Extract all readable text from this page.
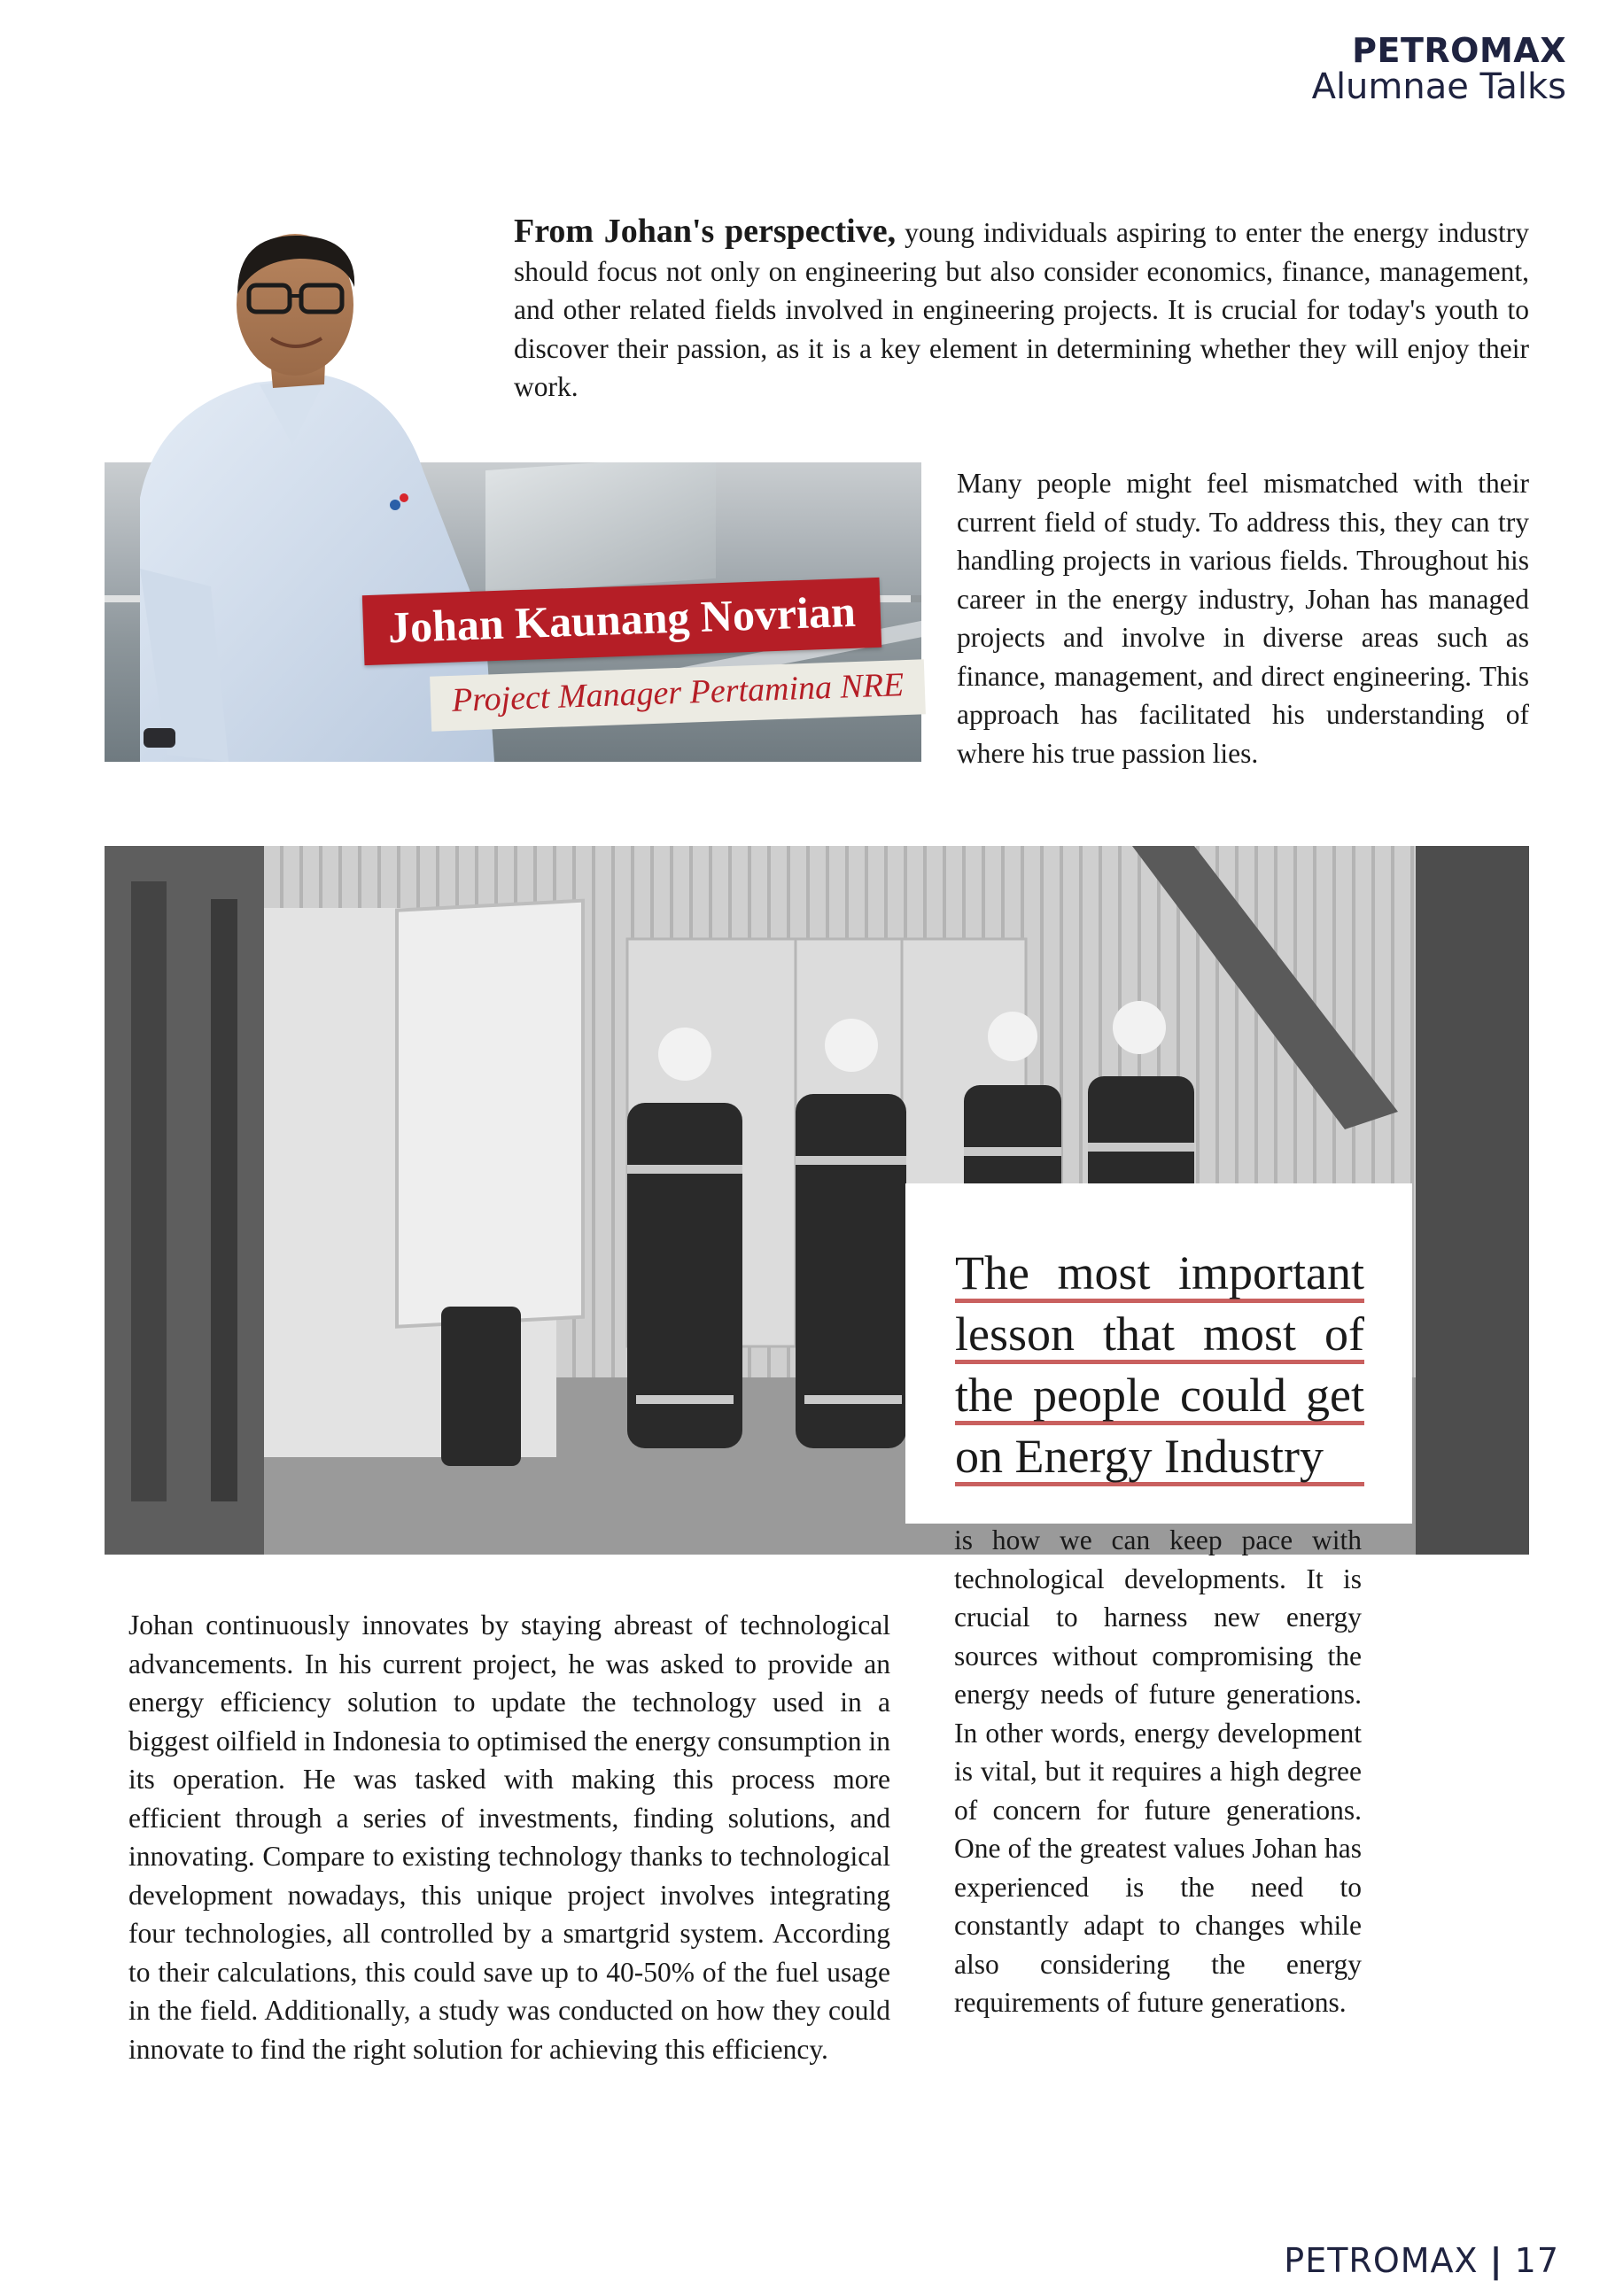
PETROMAX
Alumnae Talks

From Johan's perspective, young individuals aspiring to enter the energy industry should focus not only on engineering but also consider economics, finance, management, and other related fields involved in engineering projects. It is crucial for today's youth to discover their passion, as it is a key element in determining whether they will enjoy their work.

Johan Kaunang Novrian
Project Manager Pertamina NRE

Many people might feel mismatched with their current field of study. To address this, they can try handling projects in various fields. Throughout his career in the energy industry, Johan has managed projects and involve in diverse areas such as finance, management, and direct engineering. This approach has facilitated his understanding of where his true passion lies.

The most important
lesson that most of
the people could get
on Energy Industry

is how we can keep pace with technological developments. It is crucial to harness new energy sources without compromising the energy needs of future generations. In other words, energy development is vital, but it requires a high degree of concern for future generations. One of the greatest values Johan has experienced is the need to constantly adapt to changes while also considering the energy requirements of future generations.

Johan continuously innovates by staying abreast of technological advancements. In his current project, he was asked to provide an energy efficiency solution to update the technology used in a biggest oilfield in Indonesia to optimised the energy consumption in its operation. He was tasked with making this process more efficient through a series of investments, finding solutions, and innovating. Compare to existing technology thanks to technological development nowadays, this unique project involves integrating four technologies, all controlled by a smartgrid system. According to their calculations, this could save up to 40-50% of the fuel usage in the field. Additionally, a study was conducted on how they could innovate to find the right solution for achieving this efficiency.

PETROMAX | 17
